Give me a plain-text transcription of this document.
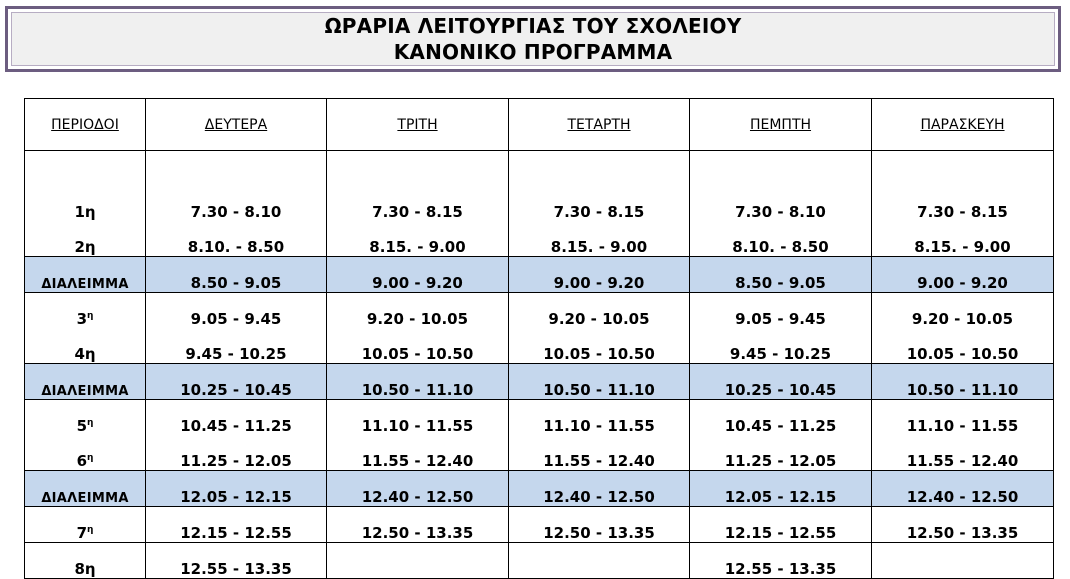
ΩΡΑΡΙΑ ΛΕΙΤΟΥΡΓΙΑΣ ΤΟΥ ΣΧΟΛΕΙΟΥ
ΚΑΝΟΝΙΚΟ ΠΡΟΓΡΑΜΜΑ
ΠΕΡΙΟΔΟΙ	ΔΕΥΤΕΡΑ	ΤΡΙΤΗ	ΤΕΤΑΡΤΗ	ΠΕΜΠΤΗ	ΠΑΡΑΣΚΕΥΗ
1η	7.30 - 8.10	7.30 - 8.15	7.30 - 8.15	7.30 - 8.10	7.30 - 8.15
2η	8.10. - 8.50	8.15. - 9.00	8.15. - 9.00	8.10. - 8.50	8.15. - 9.00
ΔΙΑΛΕΙΜΜΑ	8.50 - 9.05	9.00 - 9.20	9.00 - 9.20	8.50 - 9.05	9.00 - 9.20
$3^\eta$	9.05 - 9.45	9.20 - 10.05	9.20 - 10.05	9.05 - 9.45	9.20 - 10.05
4η	9.45 - 10.25	10.05 - 10.50	10.05 - 10.50	9.45 - 10.25	10.05 - 10.50
ΔΙΑΛΕΙΜΜΑ	10.25 - 10.45	10.50 - 11.10	10.50 - 11.10	10.25 - 10.45	10.50 - 11.10
$5^\eta$	10.45 - 11.25	11.10 - 11.55	11.10 - 11.55	10.45 - 11.25	11.10 - 11.55
$6^\eta$	11.25 - 12.05	11.55 - 12.40	11.55 - 12.40	11.25 - 12.05	11.55 - 12.40
ΔΙΑΛΕΙΜΜΑ	12.05 - 12.15	12.40 - 12.50	12.40 - 12.50	12.05 - 12.15	12.40 - 12.50
$7^\eta$	12.15 - 12.55	12.50 - 13.35	12.50 - 13.35	12.15 - 12.55	12.50 - 13.35
8η	12.55 - 13.35			12.55 - 13.35	
